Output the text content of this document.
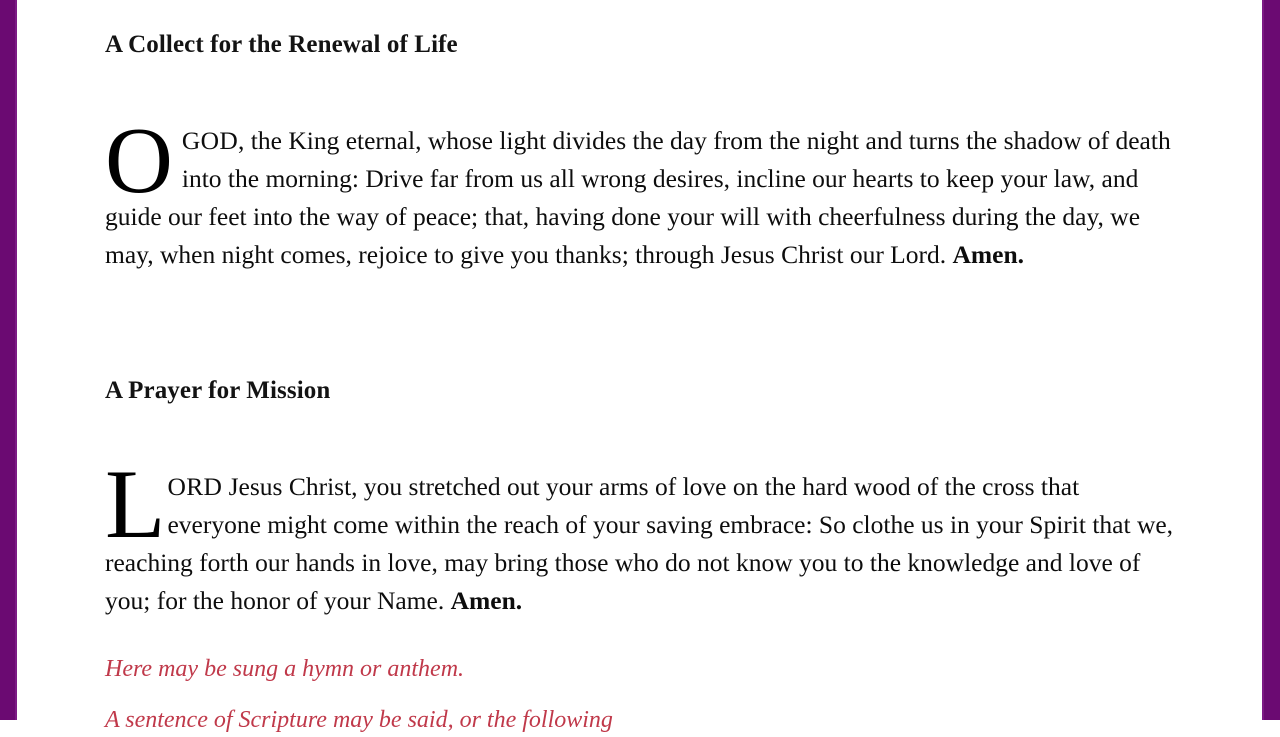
A Collect for the Renewal of Life

OGOD, the King eternal, whose light divides the day from the night and turns the shadow of death into the morning: Drive far from us all wrong desires, incline our hearts to keep your law, and guide our feet into the way of peace; that, having done your will with cheerfulness during the day, we may, when night comes, rejoice to give you thanks; through Jesus Christ our Lord. Amen.

A Prayer for Mission

LORD Jesus Christ, you stretched out your arms of love on the hard wood of the cross that everyone might come within the reach of your saving embrace: So clothe us in your Spirit that we, reaching forth our hands in love, may bring those who do not know you to the knowledge and love of you; for the honor of your Name. Amen.

Here may be sung a hymn or anthem.
A sentence of Scripture may be said, or the following
